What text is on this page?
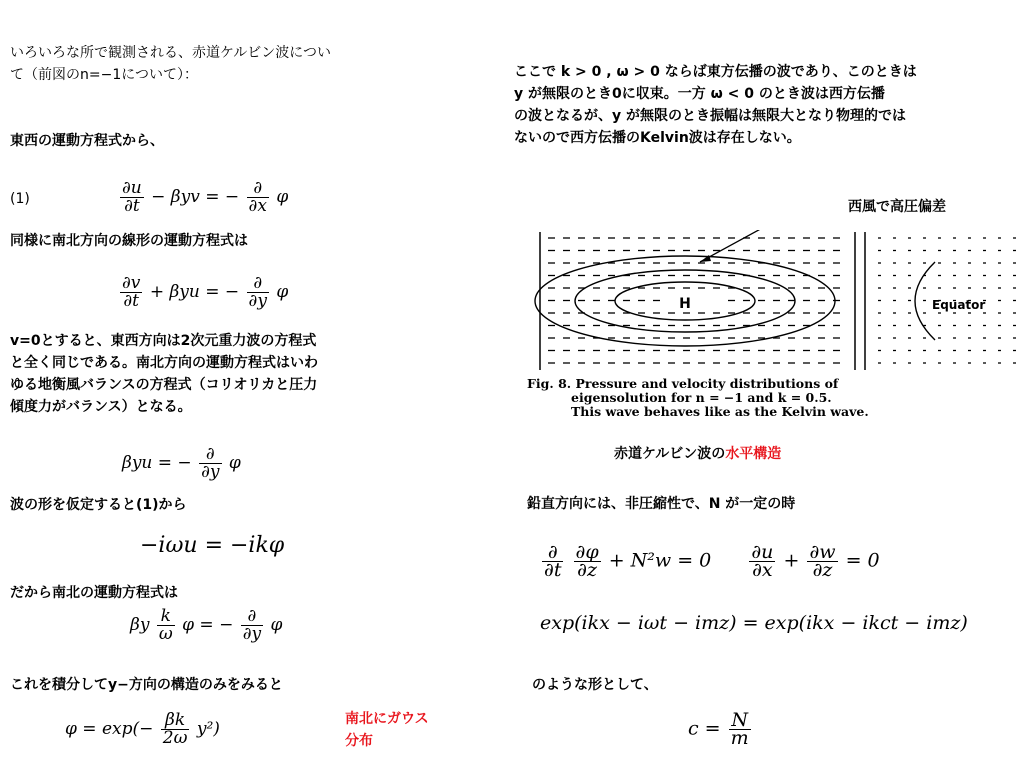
いろいろな所で観測される、赤道ケルビン波につい
て（前図のn=−1について）：
東西の運動方程式から、
(1)	$\frac{\partial u}{\partial t} - \beta yv$ = − $\frac{\partial}{\partial x}$ φ
同様に南北方向の線形の運動方程式は
$\frac{\partial v}{\partial t} + \beta yu$ = − $\frac{\partial}{\partial y}$ φ
v=0とすると、東西方向は2次元重力波の方程式
と全く同じである。南北方向の運動方程式はいわ
ゆる地衡風バランスの方程式（コリオリカと圧力
傾度力がバランス）となる。
βyu = − $\frac{\partial}{\partial y}$ φ
波の形を仮定すると(1)から
−iωu = −ikφ
だから南北の運動方程式は
βy $\frac{k}{\omega}$ φ = − $\frac{\partial}{\partial y}$ φ
これを積分してy−方向の構造のみをみると
$\varphi = \exp(- \frac{\beta k}{2\omega} y^2)$	南北にガウス
分布
ここで k > 0 , ω > 0 ならば東方伝播の波であり、このときは
y が無限のとき0に収束。一方 ω < 0 のとき波は西方伝播
の波となるが、y が無限のとき振幅は無限大となり物理的では
ないので西方伝播のKelvin波は存在しない。
西風で高圧偏差
H	Equator
Fig. 8. Pressure and velocity distributions of
eigensolution for n = −1 and k = 0.5.
This wave behaves like as the Kelvin wave.
赤道ケルビン波の水平構造
鉛直方向には、非圧縮性で、N が一定の時
$\frac{\partial}{\partial t}$
$\frac{\partial\varphi}{\partial z} + N^2w = 0 \frac{\partial u}{\partial x} + \frac{\partial w}{\partial z} = 0$
exp(ikx − iωt − imz) = exp(ikx − ikct − imz)
のような形として、
$c = \frac{N}{m}$
